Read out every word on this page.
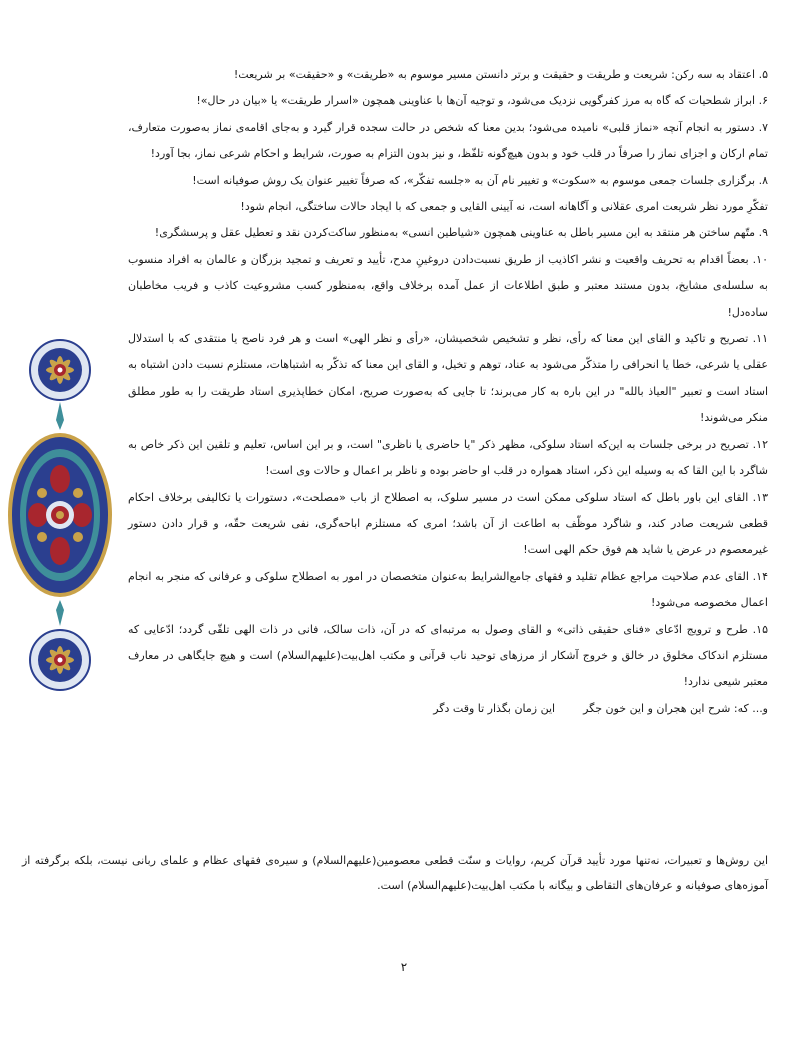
۵. اعتقاد به سه رکن: شریعت و طریقت و حقیقت و برتر دانستن مسیر موسوم به «طریقت» و «حقیقت» بر شریعت!

۶. ابراز شطحیات که گاه به مرز کفرگویی نزدیک می‌شود، و توجیه آن‌ها با عناوینی همچون «اسرار طریقت» یا «بیان در حال»!

۷. دستور به انجام آنچه «نماز قلبی» نامیده می‌شود؛ بدین معنا که شخص در حالت سجده قرار گیرد و به‌جای اقامه‌ی نماز به‌صورت متعارف، تمام ارکان و اجزای نماز را صرفاً در قلب خود و بدون هیچ‌گونه تلفّظ، و نیز بدون التزام به صورت، شرایط و احکام شرعی نماز، بجا آورد!

۸. برگزاری جلسات جمعی موسوم به «سکوت» و تغییر نام آن به «جلسه تفکّر»، که صرفاً تغییر عنوان یک روش صوفیانه است!

تفکّرِ مورد نظر شریعت امری عقلانی و آگاهانه است، نه آیینی القایی و جمعی که با ایجاد حالات ساختگی، انجام شود!

۹. متّهم ساختن هر منتقد به این مسیر باطل به عناوینی همچون «شیاطین انسی» به‌منظور ساکت‌کردن نقد و تعطیل عقل و پرسشگری!

۱۰. بعضاً اقدام به تحریف واقعیت و نشر اکاذیب از طریق نسبت‌دادن دروغینِ مدح، تأیید و تعریف و تمجید بزرگان و عالمان به افراد منسوب به سلسله‌ی مشایخ، بدون مستند معتبر و طبق اطلاعات از عمل آمده برخلاف واقع، به‌منظور کسب مشروعیت کاذب و فریب مخاطبان ساده‌دل!

۱۱. تصریح و تاکید و القای این معنا که رأی، نظر و تشخیص شخصیشان، «رأی و نظر الهی» است و هر فرد ناصح یا منتقدی که با استدلال عقلی یا شرعی، خطا یا انحرافی را متذکّر می‌شود به عناد، توهم و تخیل، و القای این معنا که تذکّر به اشتباهات، مستلزم نسبت دادن اشتباه به استاد است و تعبیر "العیاذ بالله" در این باره به کار می‌برند؛ تا جایی که به‌صورت صریح، امکان خطاپذیری استاد طریقت را به طور مطلق منکر می‌شوند!

۱۲. تصریح در برخی جلسات به این‌که استاد سلوکی، مظهر ذکر "یا حاضری یا ناظری" است، و بر این اساس، تعلیم و تلقین این ذکر خاص به شاگرد با این القا که به وسیله این ذکر، استاد همواره در قلب او حاضر بوده و ناظر بر اعمال و حالات وی است!

۱۳. القای این باور باطل که استاد سلوکی ممکن است در مسیر سلوک، به اصطلاح از باب «مصلحت»، دستورات یا تکالیفی برخلاف احکام قطعی شریعت صادر کند، و شاگرد موظّف به اطاعت از آن باشد؛ امری که مستلزم اباحه‌گری، نفی شریعت حقّه، و قرار دادن دستور غیرمعصوم در عرض یا شاید هم فوق حکم الهی است!

۱۴. القای عدم صلاحیت مراجع عظام تقلید و فقهای جامع‌الشرایط به‌عنوان متخصصان در امور به اصطلاح سلوکی و عرفانی که منجر به انجام اعمال مخصوصه می‌شود!

۱۵. طرح و ترویج ادّعای «فنای حقیقی ذاتی» و القای وصول به مرتبه‌ای که در آن، ذات سالک، فانی در ذات الهی تلقّی گردد؛ ادّعایی که مستلزم اندکاک مخلوق در خالق و خروج آشکار از مرزهای توحید ناب قرآنی و مکتب اهل‌بیت(علیهم‌السلام) است و هیچ جایگاهی در معارف معتبر شیعی ندارد!

و... که: شرح این هجران و این خون جگر
این زمان بگذار تا وقت دگر

این روش‌ها و تعبیرات، نه‌تنها مورد تأیید قرآن کریم، روایات و سنّت قطعی معصومین(علیهم‌السلام) و سیره‌ی فقهای عظام و علمای ربانی نیست، بلکه برگرفته از آموزه‌های صوفیانه و عرفان‌های التقاطی و بیگانه با مکتب اهل‌بیت(علیهم‌السلام) است.

۲
